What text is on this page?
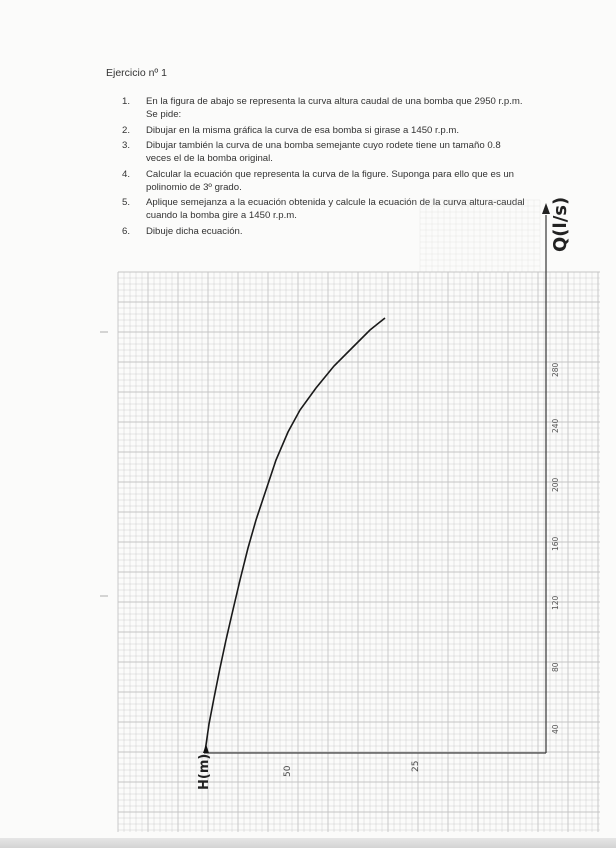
Ejercicio nº 1
1.	En la figura de abajo se representa la curva altura caudal de una bomba que 2950 r.p.m. Se pide:
2.	Dibujar en la misma gráfica la curva de esa bomba si girase a 1450 r.p.m.
3.	Dibujar también la curva de una bomba semejante cuyo rodete tiene un tamaño 0.8 veces el de la bomba original.
4.	Calcular la ecuación que representa la curva de la figure. Suponga para ello que es un polinomio de 3º grado.
5.	Aplique semejanza a la ecuación obtenida y calcule la ecuación de la curva altura-caudal cuando la bomba gire a 1450 r.p.m.
6.	Dibuje dicha ecuación.	Q(l/s)
H(m)	50	25
40
80
120
160
200
240
280
